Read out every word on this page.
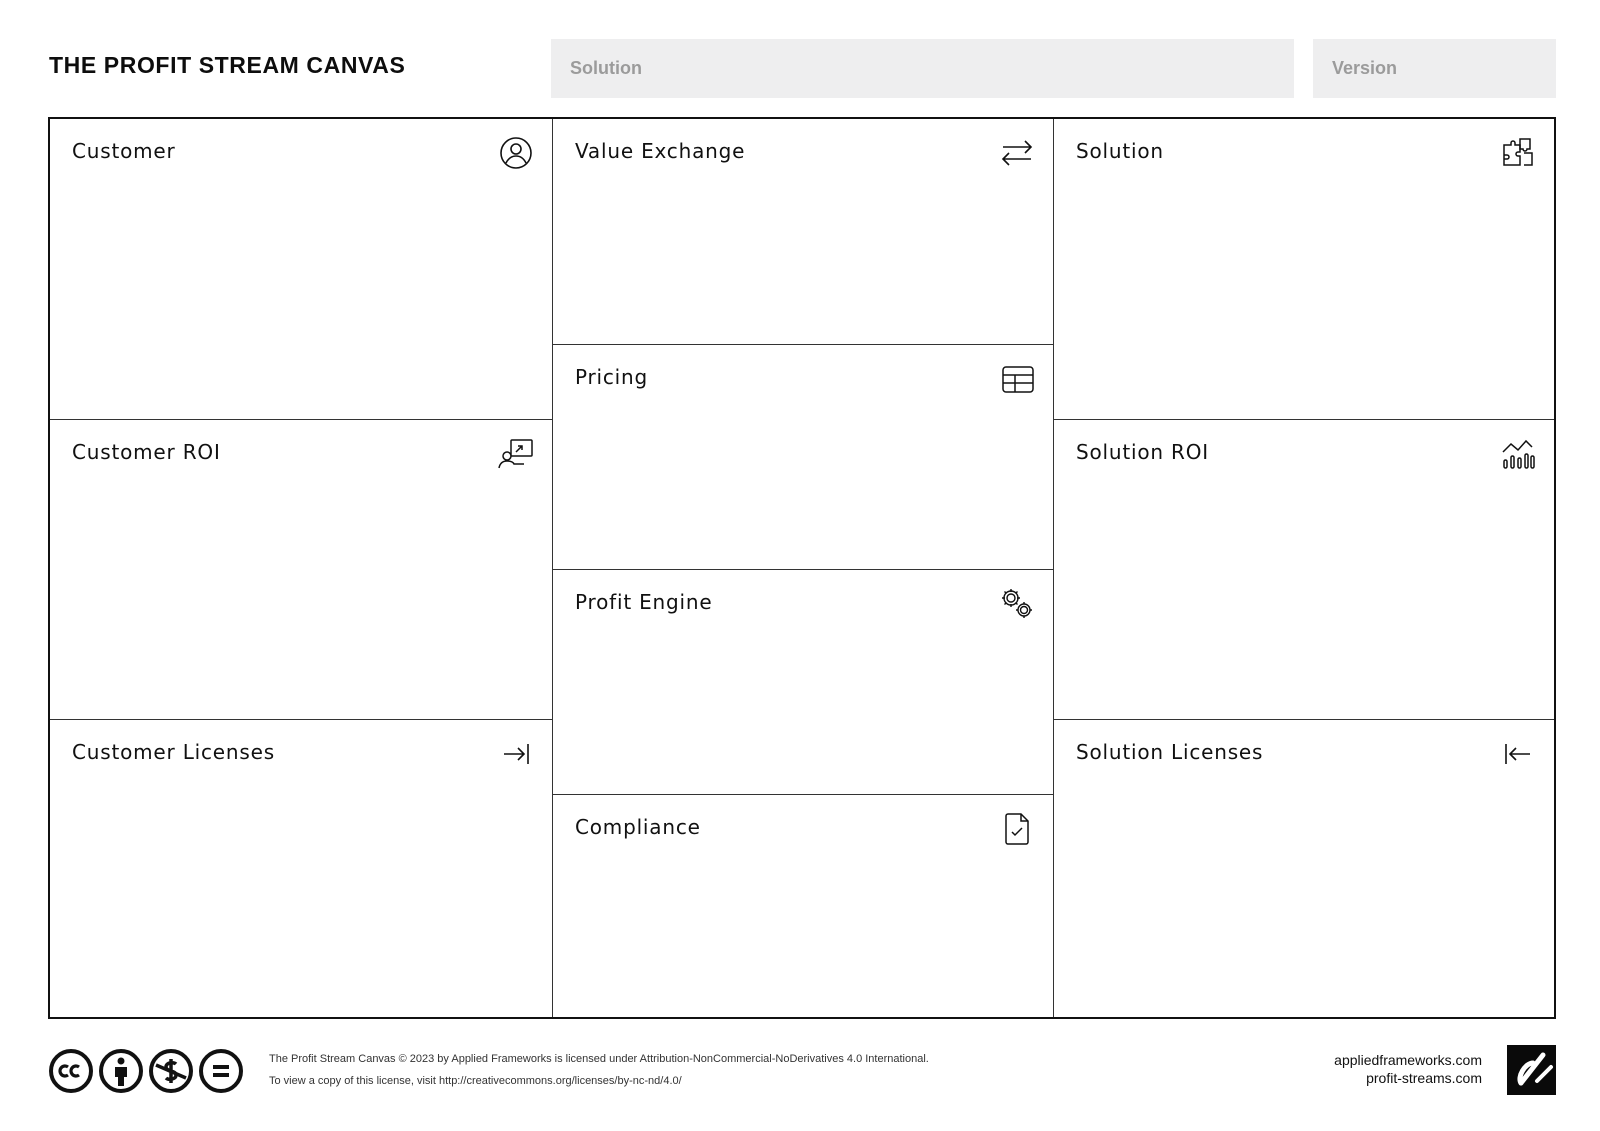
THE PROFIT STREAM CANVAS	Solution	Version
Customer
Customer ROI
Customer Licenses
Value Exchange
Pricing
Profit Engine
Compliance
Solution
Solution ROI
Solution Licenses
The Profit Stream Canvas © 2023 by Applied Frameworks is licensed under Attribution-NonCommercial-NoDerivatives 4.0 International.
To view a copy of this license, visit http://creativecommons.org/licenses/by-nc-nd/4.0/
appliedframeworks.com
profit-streams.com
